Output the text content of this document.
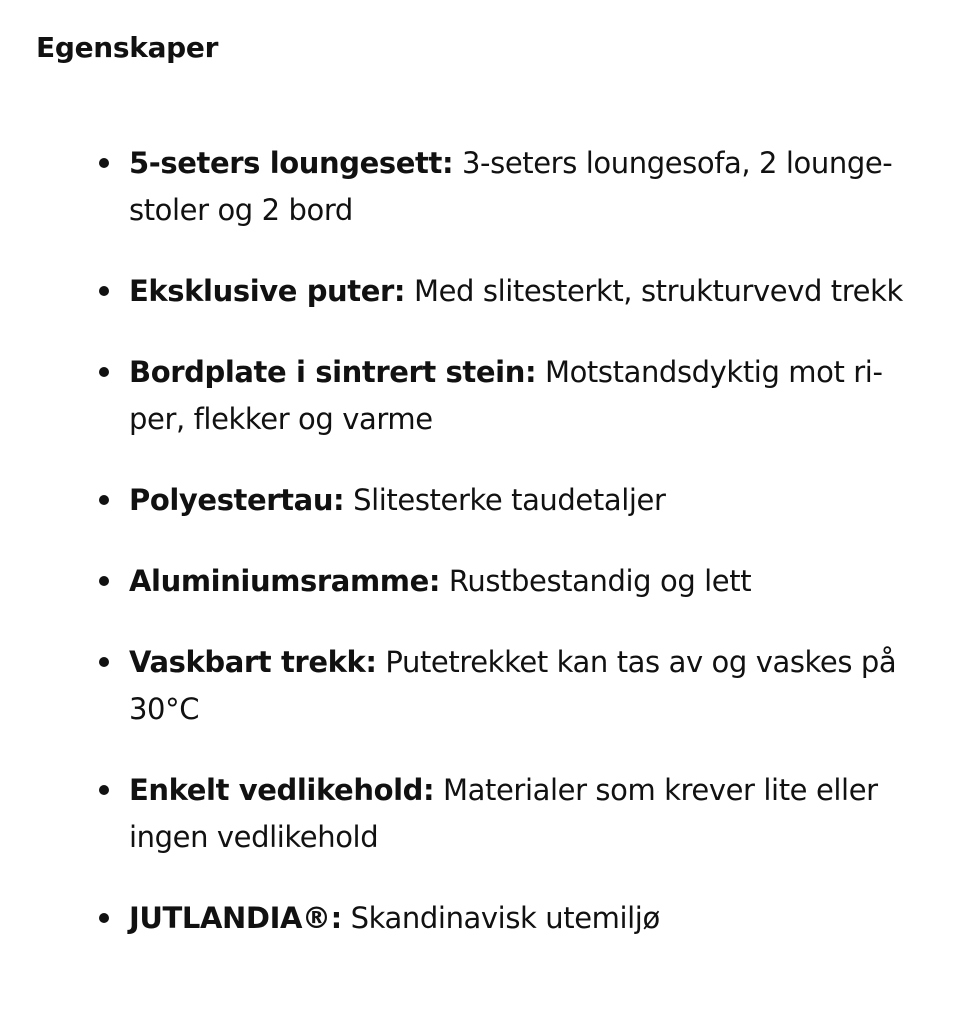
Egenskaper
5-seters loungesett: 3-seters loungesofa, 2 loungestoler og 2 bord
Eksklusive puter: Med slitesterkt, strukturvevd trekk
Bordplate i sintrert stein: Motstandsdyktig mot riper, flekker og varme
Polyestertau: Slitesterke taudetaljer
Aluminiumsramme: Rustbestandig og lett
Vaskbart trekk: Putetrekket kan tas av og vaskes på 30°C
Enkelt vedlikehold: Materialer som krever lite eller ingen vedlikehold
JUTLANDIA®: Skandinavisk utemiljø
